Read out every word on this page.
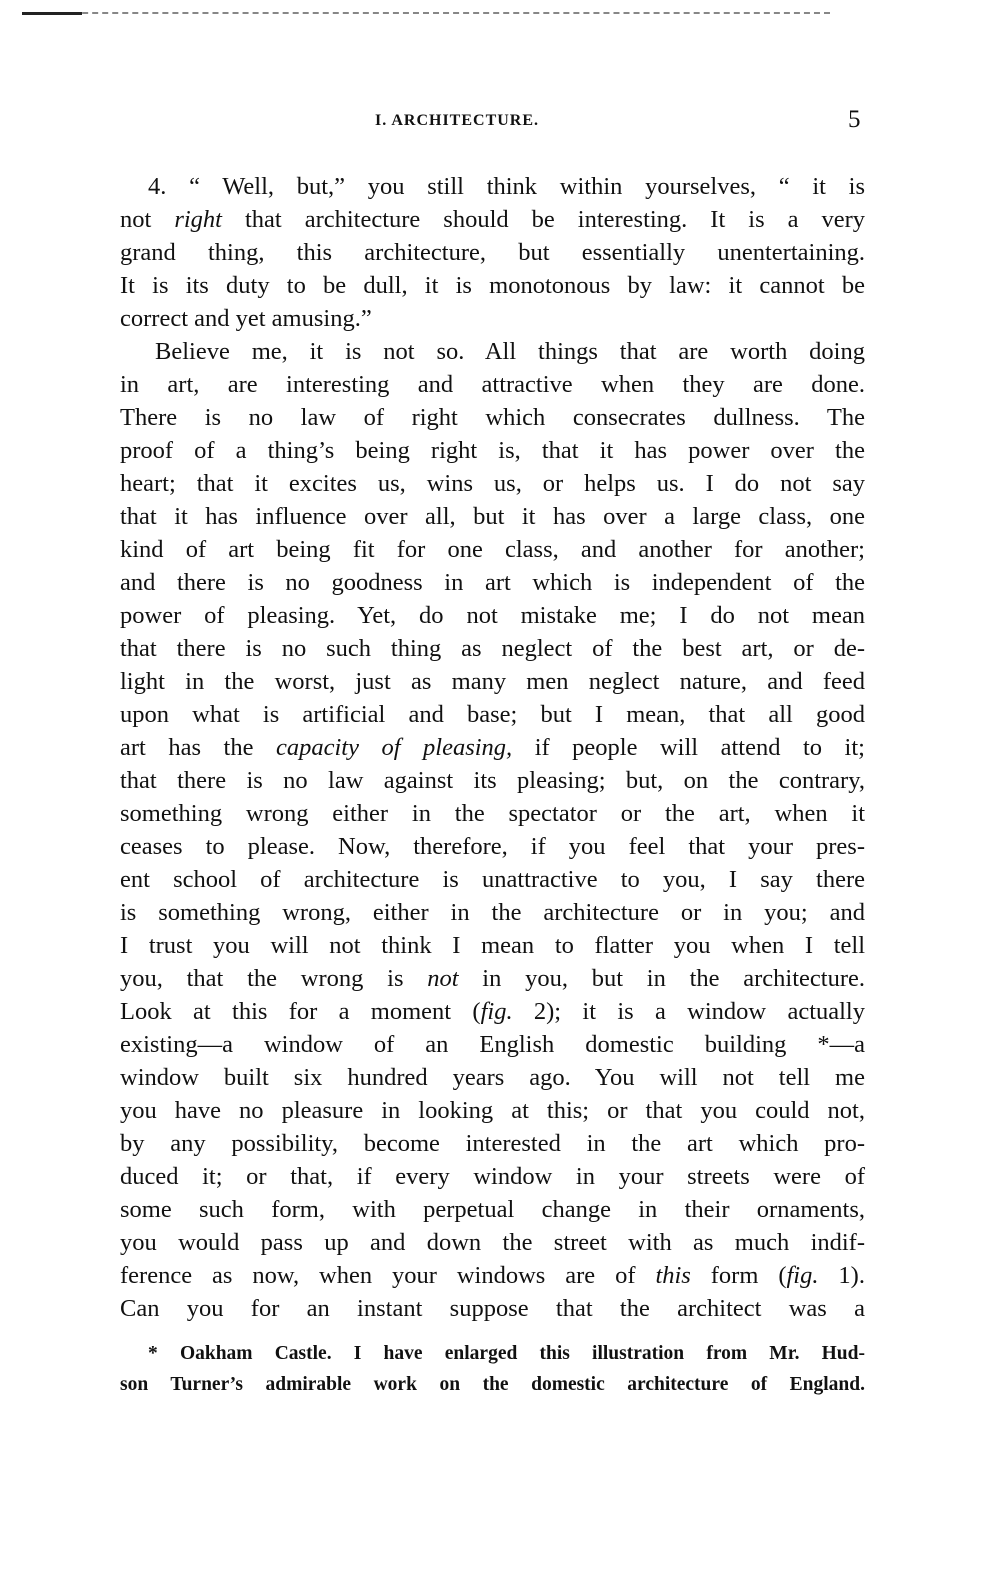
I. ARCHITECTURE.	5
4. “ Well, but,” you still think within yourselves, “ it is
not right that architecture should be interesting. It is a very
grand thing, this architecture, but essentially unentertaining.
It is its duty to be dull, it is monotonous by law: it cannot be
correct and yet amusing.”
Believe me, it is not so. All things that are worth doing
in art, are interesting and attractive when they are done.
There is no law of right which consecrates dullness. The
proof of a thing’s being right is, that it has power over the
heart; that it excites us, wins us, or helps us. I do not say
that it has influence over all, but it has over a large class, one
kind of art being fit for one class, and another for another;
and there is no goodness in art which is independent of the
power of pleasing. Yet, do not mistake me; I do not mean
that there is no such thing as neglect of the best art, or de-
light in the worst, just as many men neglect nature, and feed
upon what is artificial and base; but I mean, that all good
art has the capacity of pleasing, if people will attend to it;
that there is no law against its pleasing; but, on the contrary,
something wrong either in the spectator or the art, when it
ceases to please. Now, therefore, if you feel that your pres-
ent school of architecture is unattractive to you, I say there
is something wrong, either in the architecture or in you; and
I trust you will not think I mean to flatter you when I tell
you, that the wrong is not in you, but in the architecture.
Look at this for a moment (fig. 2); it is a window actually
existing—a window of an English domestic building *—a
window built six hundred years ago. You will not tell me
you have no pleasure in looking at this; or that you could not,
by any possibility, become interested in the art which pro-
duced it; or that, if every window in your streets were of
some such form, with perpetual change in their ornaments,
you would pass up and down the street with as much indif-
ference as now, when your windows are of this form (fig. 1).
Can you for an instant suppose that the architect was a
* Oakham Castle. I have enlarged this illustration from Mr. Hud-
son Turner’s admirable work on the domestic architecture of England.
